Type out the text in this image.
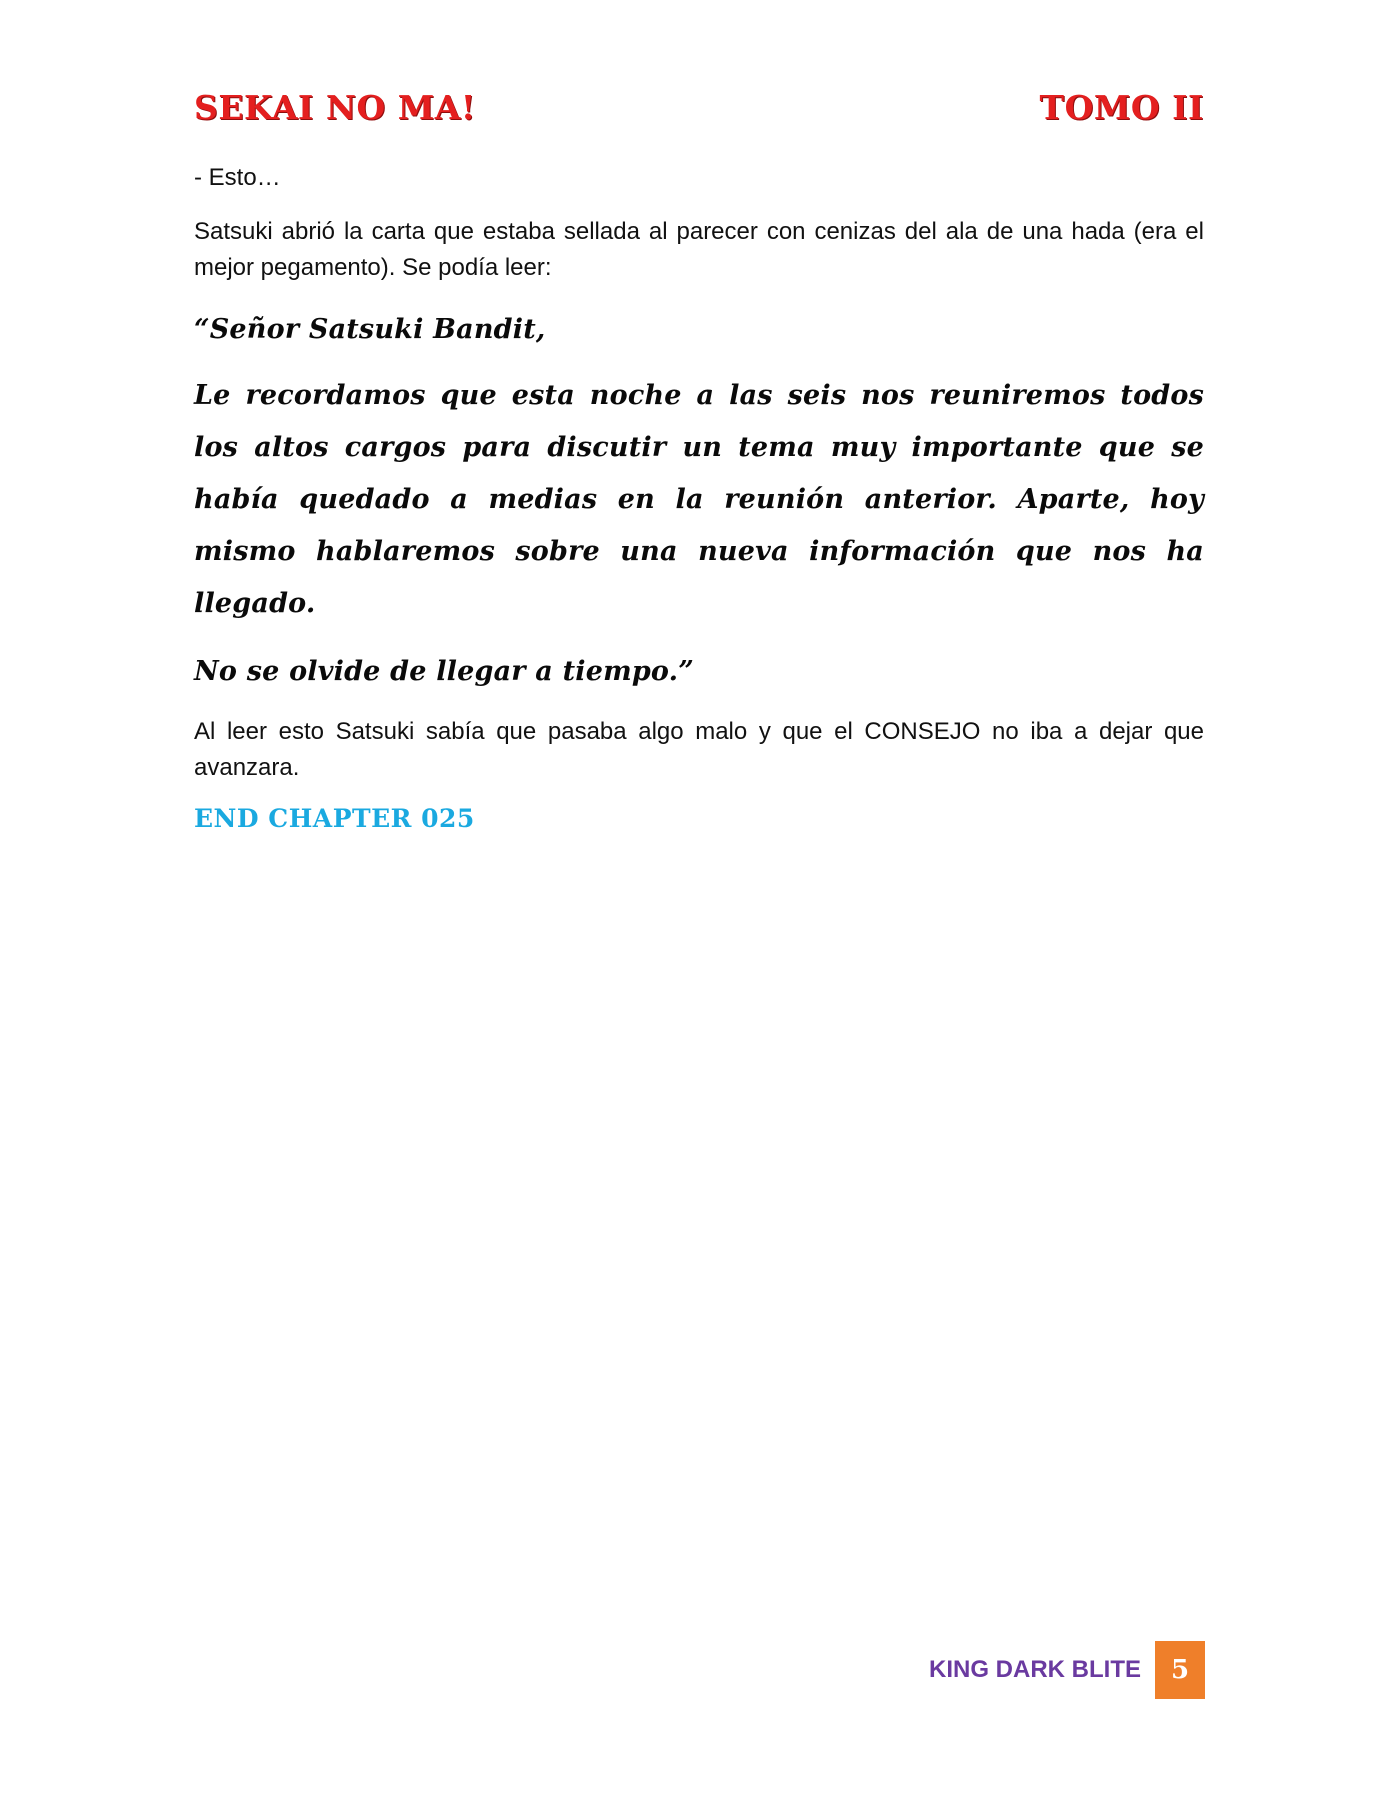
SEKAI NO MA!	TOMO II

- Esto…

Satsuki abrió la carta que estaba sellada al parecer con cenizas del ala de una hada (era el mejor pegamento). Se podía leer:

“Señor Satsuki Bandit,

Le recordamos que esta noche a las seis nos reuniremos todos los altos cargos para discutir un tema muy importante que se había quedado a medias en la reunión anterior. Aparte, hoy mismo hablaremos sobre una nueva información que nos ha llegado.

No se olvide de llegar a tiempo.”

Al leer esto Satsuki sabía que pasaba algo malo y que el CONSEJO no iba a dejar que avanzara.

END CHAPTER 025
KING DARK BLITE	5
